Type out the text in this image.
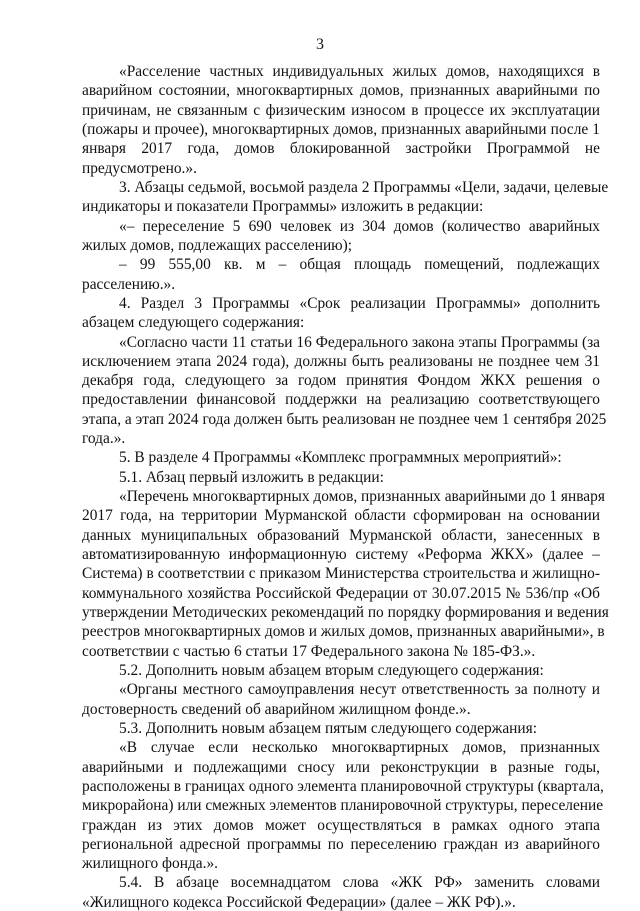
3
«Расселение частных индивидуальных жилых домов, находящихся в
аварийном состоянии, многоквартирных домов, признанных аварийными по
причинам, не связанным с физическим износом в процессе их эксплуатации
(пожары и прочее), многоквартирных домов, признанных аварийными после 1
января 2017 года, домов блокированной застройки Программой не
предусмотрено.».
3. Абзацы седьмой, восьмой раздела 2 Программы «Цели, задачи, целевые
индикаторы и показатели Программы» изложить в редакции:
«– переселение 5 690 человек из 304 домов (количество аварийных
жилых домов, подлежащих расселению);
– 99 555,00 кв. м – общая площадь помещений, подлежащих
расселению.».
4. Раздел 3 Программы «Срок реализации Программы» дополнить
абзацем следующего содержания:
«Согласно части 11 статьи 16 Федерального закона этапы Программы (за
исключением этапа 2024 года), должны быть реализованы не позднее чем 31
декабря года, следующего за годом принятия Фондом ЖКХ решения о
предоставлении финансовой поддержки на реализацию соответствующего
этапа, а этап 2024 года должен быть реализован не позднее чем 1 сентября 2025
года.».
5. В разделе 4 Программы «Комплекс программных мероприятий»:
5.1. Абзац первый изложить в редакции:
«Перечень многоквартирных домов, признанных аварийными до 1 января
2017 года, на территории Мурманской области сформирован на основании
данных муниципальных образований Мурманской области, занесенных в
автоматизированную информационную систему «Реформа ЖКХ» (далее –
Система) в соответствии с приказом Министерства строительства и жилищно-
коммунального хозяйства Российской Федерации от 30.07.2015 № 536/пр «Об
утверждении Методических рекомендаций по порядку формирования и ведения
реестров многоквартирных домов и жилых домов, признанных аварийными», в
соответствии с частью 6 статьи 17 Федерального закона № 185-ФЗ.».
5.2. Дополнить новым абзацем вторым следующего содержания:
«Органы местного самоуправления несут ответственность за полноту и
достоверность сведений об аварийном жилищном фонде.».
5.3. Дополнить новым абзацем пятым следующего содержания:
«В случае если несколько многоквартирных домов, признанных
аварийными и подлежащими сносу или реконструкции в разные годы,
расположены в границах одного элемента планировочной структуры (квартала,
микрорайона) или смежных элементов планировочной структуры, переселение
граждан из этих домов может осуществляться в рамках одного этапа
региональной адресной программы по переселению граждан из аварийного
жилищного фонда.».
5.4. В абзаце восемнадцатом слова «ЖК РФ» заменить словами
«Жилищного кодекса Российской Федерации» (далее – ЖК РФ).».
